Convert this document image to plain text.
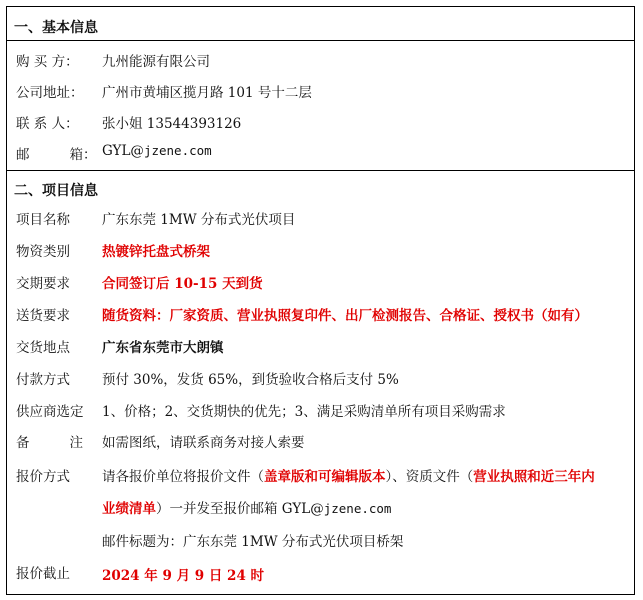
一、基本信息
购 买 方： 九州能源有限公司
公司地址： 广州市黄埔区揽月路 101 号十二层
联 系 人： 张小姐 13544393126
邮	箱： GYL@jzene.com
二、项目信息
项目名称 广东东莞 1MW 分布式光伏项目
物资类别 热镀锌托盘式桥架
交期要求 合同签订后 10-15 天到货
送货要求 随货资料：厂家资质、营业执照复印件、出厂检测报告、合格证、授权书（如有）
交货地点 广东省东莞市大朗镇
付款方式 预付 30%，发货 65%，到货验收合格后支付 5%
供应商选定 1、价格；2、交货期快的优先；3、满足采购清单所有项目采购需求
备	注 如需图纸，请联系商务对接人索要
报价方式 请各报价单位将报价文件（盖章版和可编辑版本）、资质文件（营业执照和近三年内
业绩清单）一并发至报价邮箱 GYL@jzene.com
邮件标题为：广东东莞 1MW 分布式光伏项目桥架
报价截止 2024 年 9 月 9 日 24 时
